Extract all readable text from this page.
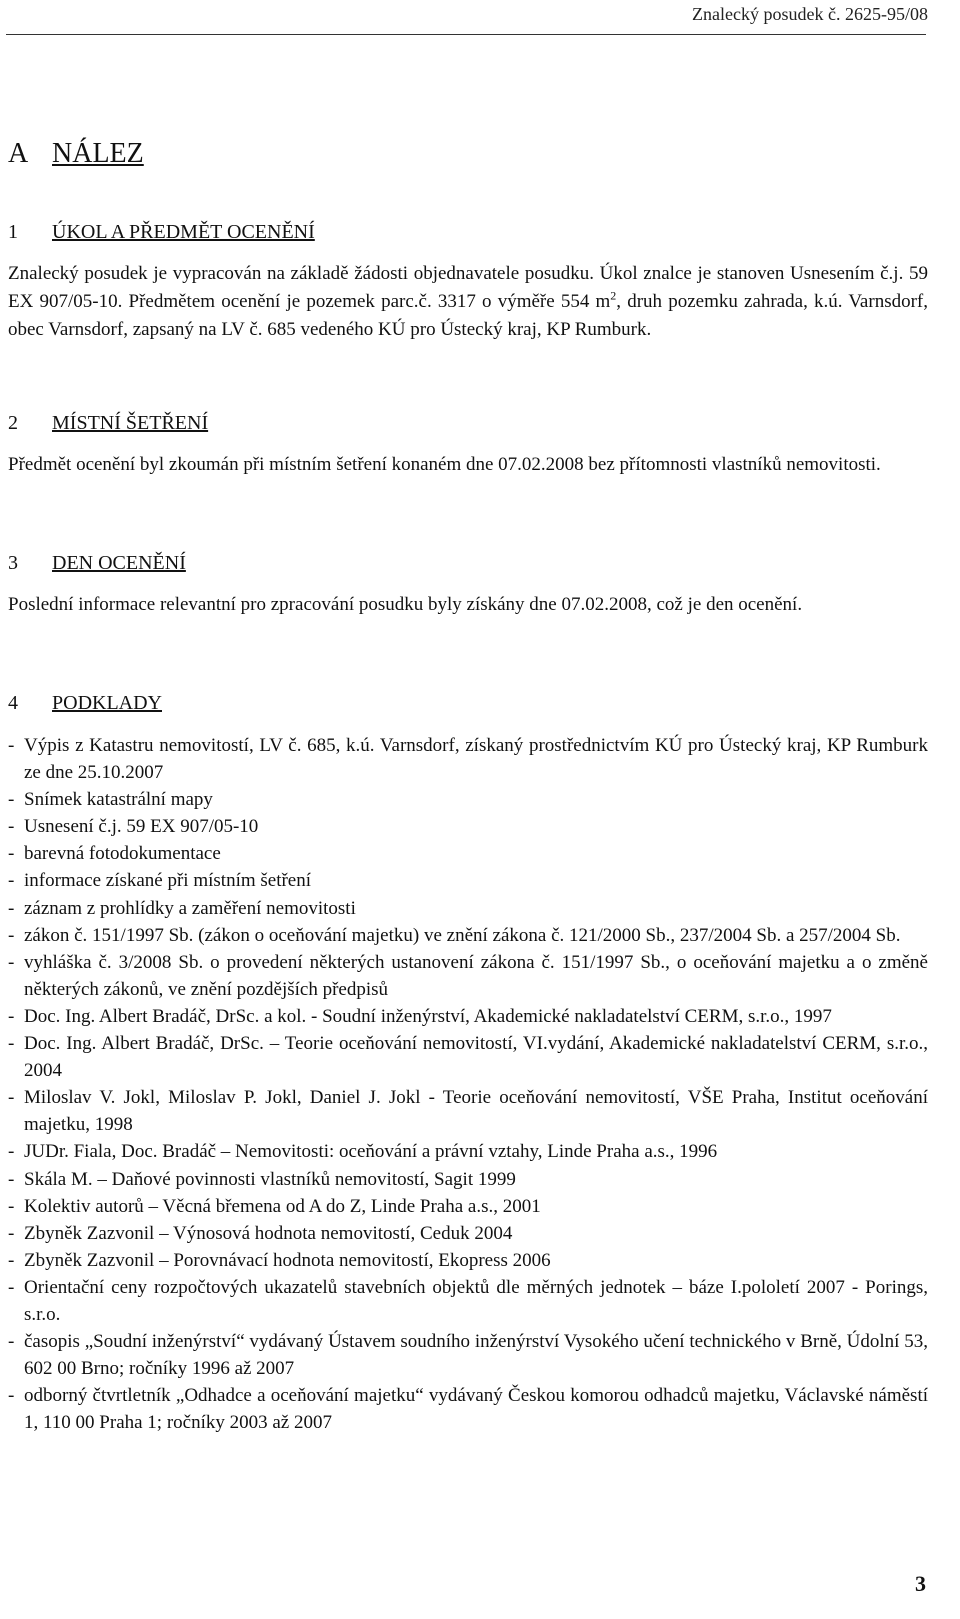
Znalecký posudek č. 2625-95/08
A NÁLEZ
1 ÚKOL A PŘEDMĚT OCENĚNÍ
Znalecký posudek je vypracován na základě žádosti objednavatele posudku. Úkol znalce je stanoven Usnesením č.j. 59 EX 907/05-10. Předmětem ocenění je pozemek parc.č. 3317 o výměře 554 $m^2$, druh pozemku zahrada, k.ú. Varnsdorf, obec Varnsdorf, zapsaný na LV č. 685 vedeného KÚ pro Ústecký kraj, KP Rumburk.
2 MÍSTNÍ ŠETŘENÍ
Předmět ocenění byl zkoumán při místním šetření konaném dne 07.02.2008 bez přítomnosti vlastníků nemovitosti.
3 DEN OCENĚNÍ
Poslední informace relevantní pro zpracování posudku byly získány dne 07.02.2008, což je den ocenění.
4 PODKLADY
- Výpis z Katastru nemovitostí, LV č. 685, k.ú. Varnsdorf, získaný prostřednictvím KÚ pro Ústecký kraj, KP Rumburk ze dne 25.10.2007
- Snímek katastrální mapy
- Usnesení č.j. 59 EX 907/05-10
- barevná fotodokumentace
- informace získané při místním šetření
- záznam z prohlídky a zaměření nemovitosti
- zákon č. 151/1997 Sb. (zákon o oceňování majetku) ve znění zákona č. 121/2000 Sb., 237/2004 Sb. a 257/2004 Sb.
- vyhláška č. 3/2008 Sb. o provedení některých ustanovení zákona č. 151/1997 Sb., o oceňování majetku a o změně některých zákonů, ve znění pozdějších předpisů
- Doc. Ing. Albert Bradáč, DrSc. a kol. - Soudní inženýrství, Akademické nakladatelství CERM, s.r.o., 1997
- Doc. Ing. Albert Bradáč, DrSc. – Teorie oceňování nemovitostí, VI.vydání, Akademické nakladatelství CERM, s.r.o., 2004
- Miloslav V. Jokl, Miloslav P. Jokl, Daniel J. Jokl - Teorie oceňování nemovitostí, VŠE Praha, Institut oceňování majetku, 1998
- JUDr. Fiala, Doc. Bradáč – Nemovitosti: oceňování a právní vztahy, Linde Praha a.s., 1996
- Skála M. – Daňové povinnosti vlastníků nemovitostí, Sagit 1999
- Kolektiv autorů – Věcná břemena od A do Z, Linde Praha a.s., 2001
- Zbyněk Zazvonil – Výnosová hodnota nemovitostí, Ceduk 2004
- Zbyněk Zazvonil – Porovnávací hodnota nemovitostí, Ekopress 2006
- Orientační ceny rozpočtových ukazatelů stavebních objektů dle měrných jednotek – báze I.pololetí 2007 - Porings, s.r.o.
- časopis „Soudní inženýrství“ vydávaný Ústavem soudního inženýrství Vysokého učení technického v Brně, Údolní 53, 602 00 Brno; ročníky 1996 až 2007
- odborný čtvrtletník „Odhadce a oceňování majetku“ vydávaný Českou komorou odhadců majetku, Václavské náměstí 1, 110 00 Praha 1; ročníky 2003 až 2007
3
